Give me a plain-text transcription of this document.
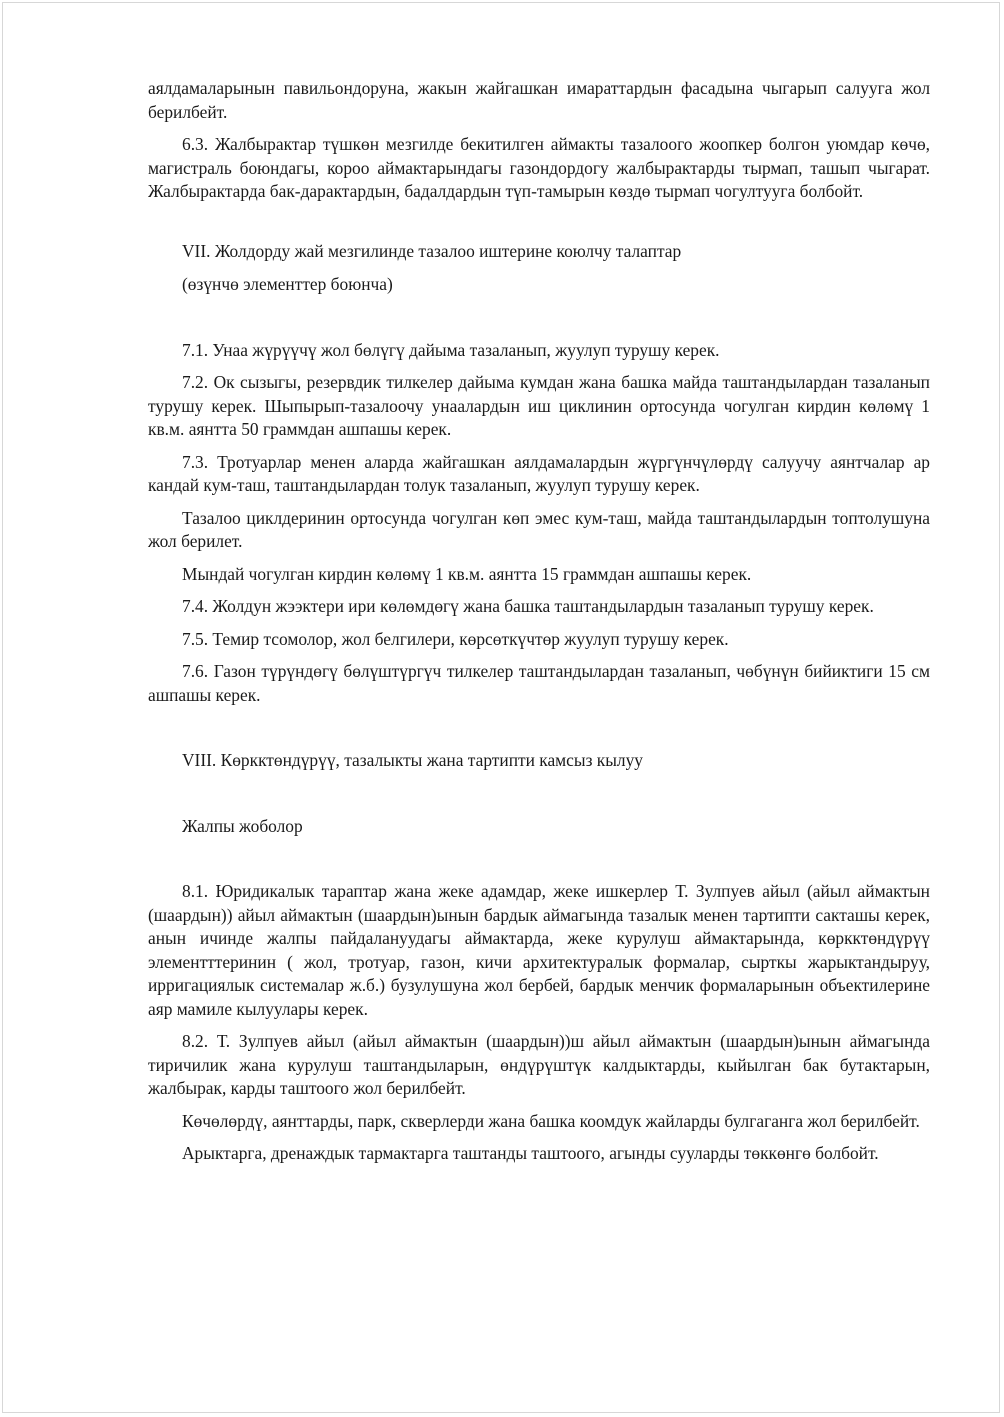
аялдамаларынын павильондоруна, жакын жайгашкан имараттардын фасадына чыгарып салууга жол берилбейт.

6.3. Жалбырактар түшкөн мезгилде бекитилген аймакты тазалоого жоопкер болгон уюмдар көчө, магистраль боюндагы, короо аймактарындагы газондордогу жалбырактарды тырмап, ташып чыгарат. Жалбырактарда бак-дарактардын, бадалдардын түп-тамырын көздө тырмап чогултууга болбойт.

VII. Жолдорду жай мезгилинде тазалоо иштерине коюлчу талаптар

(өзүнчө элементтер боюнча)

7.1. Унаа жүрүүчү жол бөлүгү дайыма тазаланып, жуулуп турушу керек.

7.2. Ок сызыгы, резервдик тилкелер дайыма кумдан жана башка майда таштандылардан тазаланып турушу керек. Шыпырып-тазалоочу унаалардын иш циклинин ортосунда чогулган кирдин көлөмү 1 кв.м. аянтта 50 граммдан ашпашы керек.

7.3. Тротуарлар менен аларда жайгашкан аялдамалардын жүргүнчүлөрдү салуучу аянтчалар ар кандай кум-таш, таштандылардан толук тазаланып, жуулуп турушу керек.

Тазалоо циклдеринин ортосунда чогулган көп эмес кум-таш, майда таштандылардын топтолушуна жол берилет.

Мындай чогулган кирдин көлөмү 1 кв.м. аянтта 15 граммдан ашпашы керек.

7.4. Жолдун жээктери ири көлөмдөгү жана башка таштандылардын тазаланып турушу керек.

7.5. Темир тсомолор, жол белгилери, көрсөткүчтөр жуулуп турушу керек.

7.6. Газон түрүндөгү бөлүштүргүч тилкелер таштандылардан тазаланып, чөбүнүн бийиктиги 15 см ашпашы керек.

VIII. Көркктөндүрүү, тазалыкты жана тартипти камсыз кылуу

Жалпы жоболор

8.1. Юридикалык тараптар жана жеке адамдар, жеке ишкерлер Т. Зулпуев айыл (айыл аймактын (шаардын)) айыл аймактын (шаардын)ынын бардык аймагында тазалык менен тартипти сакташы керек, анын ичинде жалпы пайдалануудагы аймактарда, жеке курулуш аймактарында, көркктөндүрүү элементттеринин ( жол, тротуар, газон, кичи архитектуралык формалар, сырткы жарыктандыруу, ирригациялык системалар ж.б.) бузулушуна жол бербей, бардык менчик формаларынын объектилерине аяр мамиле кылуулары керек.

8.2. Т. Зулпуев айыл (айыл аймактын (шаардын))ш айыл аймактын (шаардын)ынын аймагында тиричилик жана курулуш таштандыларын, өндүрүштүк калдыктарды, кыйылган бак бутактарын, жалбырак, карды таштоого жол берилбейт.

Көчөлөрдү, аянттарды, парк, скверлерди жана башка коомдук жайларды булгаганга жол берилбейт.

Арыктарга, дренаждык тармактарга таштанды таштоого, агынды сууларды төккөнгө болбойт.
